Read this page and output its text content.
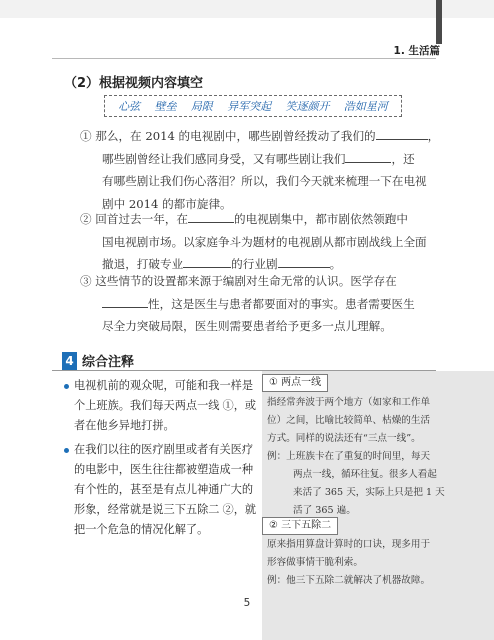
1. 生活篇
（2）根据视频内容填空
心弦 壁垒 局限 异军突起 笑逐颜开 浩如星河
① 那么，在 2014 的电视剧中，哪些剧曾经拨动了我们的	，
哪些剧曾经让我们感同身受，又有哪些剧让我们	，还
有哪些剧让我们伤心落泪？所以，我们今天就来梳理一下在电视
剧中 2014 的都市旋律。
② 回首过去一年，在	的电视剧集中，都市剧依然领跑中
国电视剧市场。以家庭争斗为题材的电视剧从都市剧战线上全面
撤退，打破专业	的行业剧	。
③ 这些情节的设置都来源于编剧对生命无常的认识。医学存在
性，这是医生与患者都要面对的事实。患者需要医生
尽全力突破局限，医生则需要患者给予更多一点儿理解。
4 综合注释
电视机前的观众呢，可能和我一样是
个上班族。我们每天两点一线 ①，或
者在他乡异地打拼。
在我们以往的医疗剧里或者有关医疗
的电影中，医生往往都被塑造成一种
有个性的，甚至是有点儿神通广大的
形象，经常就是说三下五除二 ②，就
把一个危急的情况化解了。
① 两点一线
指经常奔波于两个地方（如家和工作单
位）之间，比喻比较简单、枯燥的生活
方式。同样的说法还有“三点一线”。
例：上班族卡在了重复的时间里，每天
两点一线，循环往复。很多人看起
来活了 365 天，实际上只是把 1 天
活了 365 遍。
② 三下五除二
原来指用算盘计算时的口诀，现多用于
形容做事情干脆利索。
例：他三下五除二就解决了机器故障。
5
